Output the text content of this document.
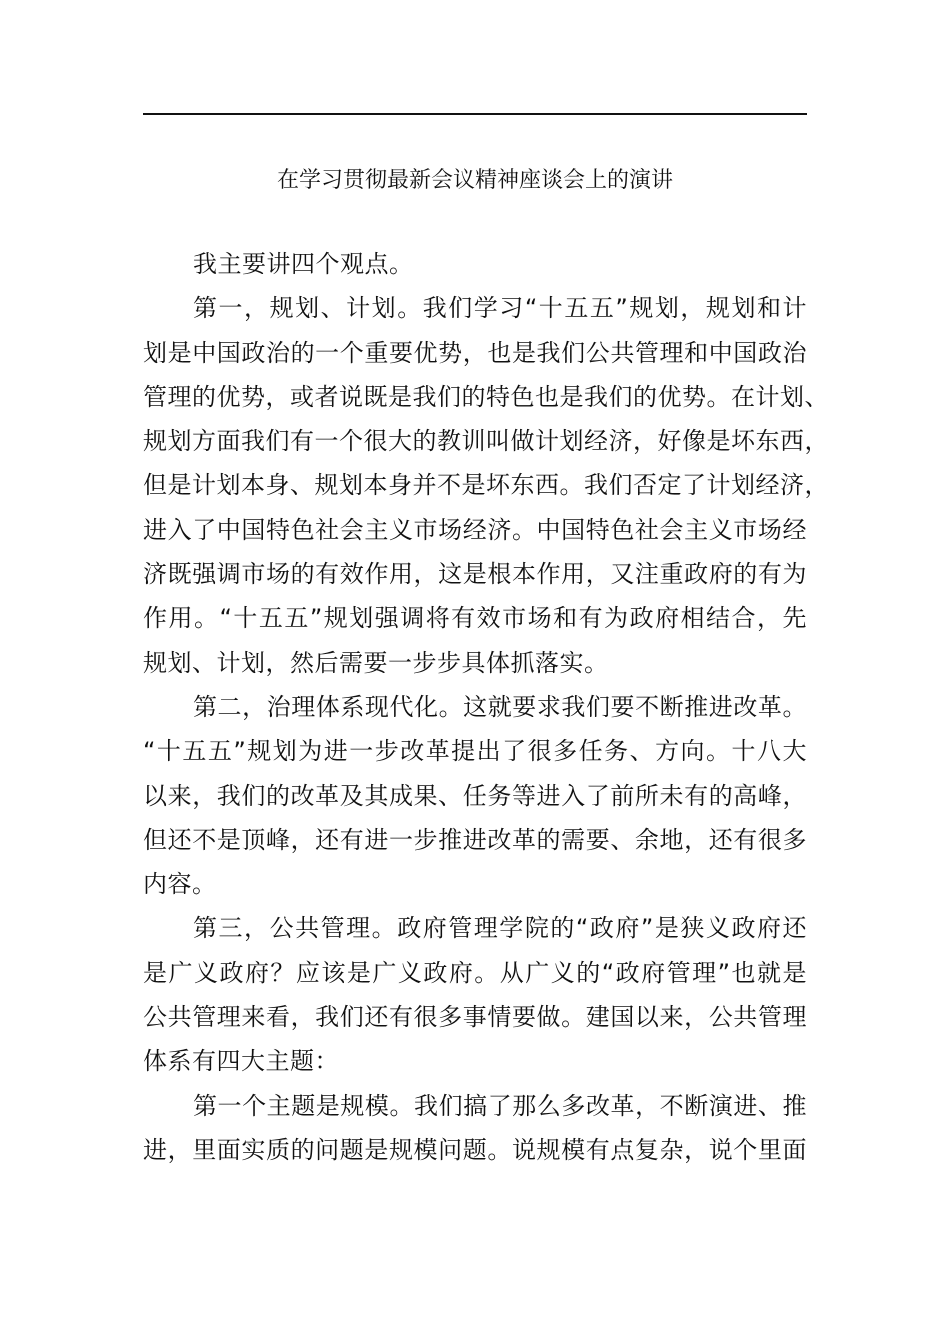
在学习贯彻最新会议精神座谈会上的演讲
我主要讲四个观点。
第一，规划、计划。我们学习“十五五”规划，规划和计
划是中国政治的一个重要优势，也是我们公共管理和中国政治
管理的优势，或者说既是我们的特色也是我们的优势。在计划、
规划方面我们有一个很大的教训叫做计划经济，好像是坏东西，
但是计划本身、规划本身并不是坏东西。我们否定了计划经济，
进入了中国特色社会主义市场经济。中国特色社会主义市场经
济既强调市场的有效作用，这是根本作用，又注重政府的有为
作用。“十五五”规划强调将有效市场和有为政府相结合，先
规划、计划，然后需要一步步具体抓落实。
第二，治理体系现代化。这就要求我们要不断推进改革。
“十五五”规划为进一步改革提出了很多任务、方向。十八大
以来，我们的改革及其成果、任务等进入了前所未有的高峰，
但还不是顶峰，还有进一步推进改革的需要、余地，还有很多
内容。
第三，公共管理。政府管理学院的“政府”是狭义政府还
是广义政府？应该是广义政府。从广义的“政府管理”也就是
公共管理来看，我们还有很多事情要做。建国以来，公共管理
体系有四大主题：
第一个主题是规模。我们搞了那么多改革，不断演进、推
进，里面实质的问题是规模问题。说规模有点复杂，说个里面
